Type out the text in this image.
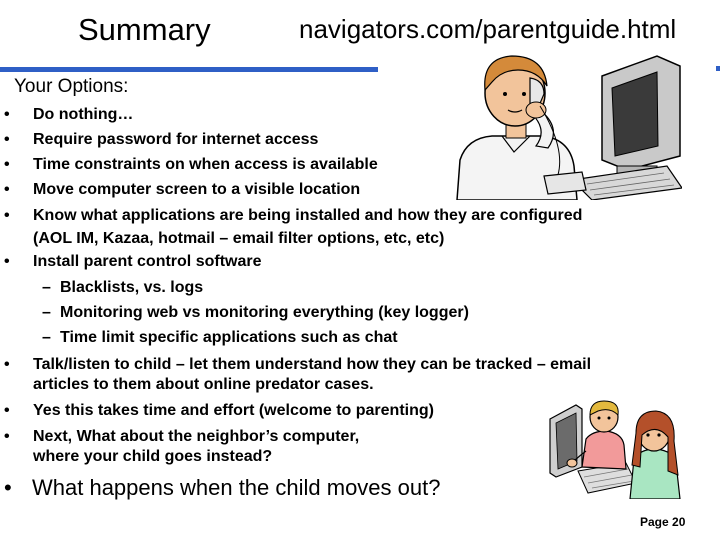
Summary	navigators.com/parentguide.html
Your Options:
•	Do nothing…
•	Require password for internet access
•	Time constraints on when access is available
•	Move computer screen to a visible location
•	Know what applications are being installed and how they are configured
(AOL IM, Kazaa, hotmail – email filter options, etc, etc)
•	Install parent control software
– Blacklists, vs. logs
– Monitoring web vs monitoring everything (key logger)
– Time limit specific applications such as chat
•	Talk/listen to child – let them understand how they can be tracked – email
articles to them about online predator cases.
•	Yes this takes time and effort (welcome to parenting)
•	Next, What about the neighbor’s computer,
where your child goes instead?
• What happens when the child moves out?
Page 20
